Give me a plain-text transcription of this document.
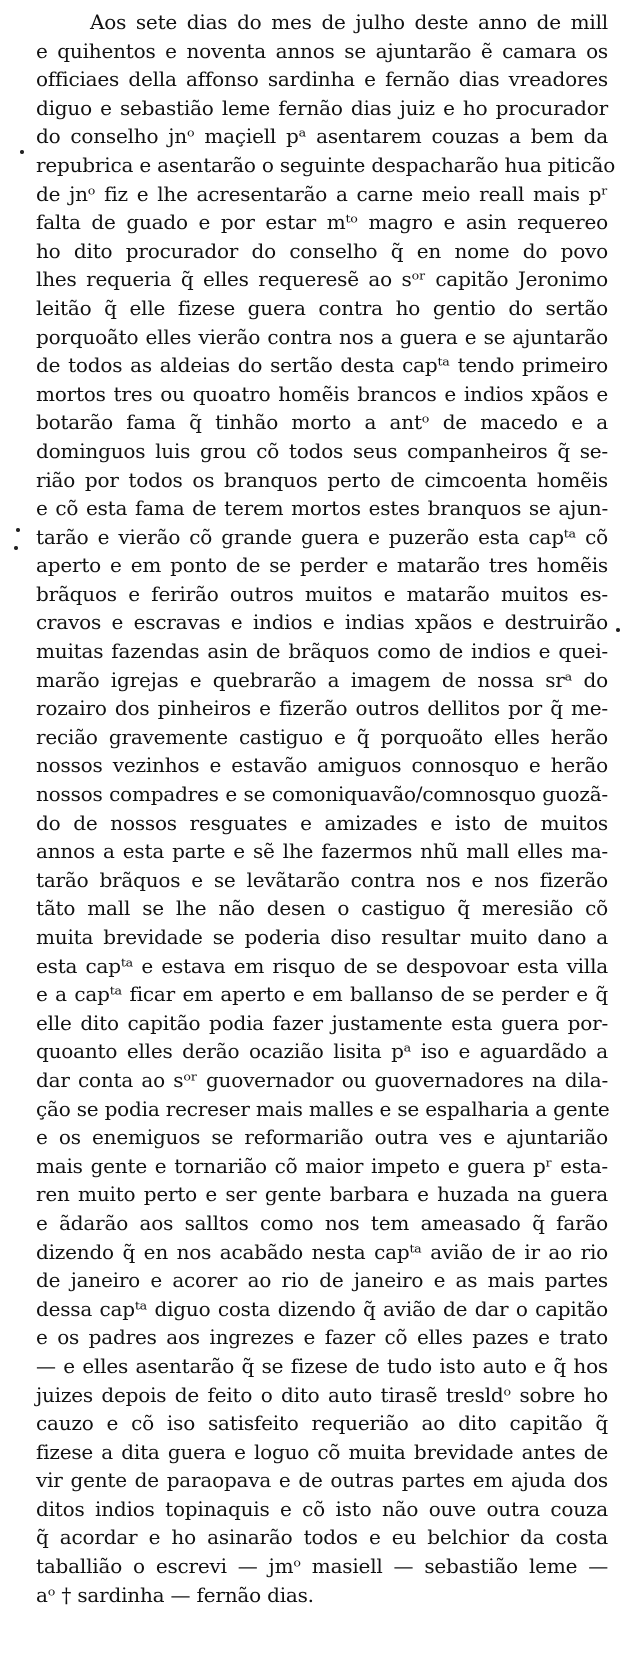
Aos sete dias do mes de julho deste anno de mill
e quihentos e noventa annos se ajuntarão ẽ camara os
officiaes della affonso sardinha e fernão dias vreadores
diguo e sebastião leme fernão dias juiz e ho procurador
do conselho jnᵒ maçiell pᵃ asentarem couzas a bem da
repubrica e asentarão o seguinte despacharão hua piticão
de jnᵒ fiz e lhe acresentarão a carne meio reall mais pʳ
falta de guado e por estar mᵗᵒ magro e asin requereo
ho dito procurador do conselho q̃ en nome do povo
lhes requeria q̃ elles requeresẽ ao sᵒʳ capitão Jeronimo
leitão q̃ elle fizese guera contra ho gentio do sertão
porquoãto elles vierão contra nos a guera e se ajuntarão
de todos as aldeias do sertão desta capᵗᵃ tendo primeiro
mortos tres ou quoatro homẽis brancos e indios xpãos e
botarão fama q̃ tinhão morto a antᵒ de macedo e a
dominguos luis grou cõ todos seus companheiros q̃ se-
rião por todos os branquos perto de cimcoenta homẽis
e cõ esta fama de terem mortos estes branquos se ajun-
tarão e vierão cõ grande guera e puzerão esta capᵗᵃ cõ
aperto e em ponto de se perder e matarão tres homẽis
brãquos e ferirão outros muitos e matarão muitos es-
cravos e escravas e indios e indias xpãos e destruirão
muitas fazendas asin de brãquos como de indios e quei-
marão igrejas e quebrarão a imagem de nossa srᵃ do
rozairo dos pinheiros e fizerão outros dellitos por q̃ me-
recião gravemente castiguo e q̃ porquoãto elles herão
nossos vezinhos e estavão amiguos connosquo e herão
nossos compadres e se comoniquavão/comnosquo guozã-
do de nossos resguates e amizades e isto de muitos
annos a esta parte e sẽ lhe fazermos nhũ mall elles ma-
tarão brãquos e se levãtarão contra nos e nos fizerão
tãto mall se lhe não desen o castiguo q̃ meresião cõ
muita brevidade se poderia diso resultar muito dano a
esta capᵗᵃ e estava em risquo de se despovoar esta villa
e a capᵗᵃ ficar em aperto e em ballanso de se perder e q̃
elle dito capitão podia fazer justamente esta guera por-
quoanto elles derão ocazião lisita pᵃ iso e aguardãdo a
dar conta ao sᵒʳ guovernador ou guovernadores na dila-
ção se podia recreser mais malles e se espalharia a gente
e os enemiguos se reformarião outra ves e ajuntarião
mais gente e tornarião cõ maior impeto e guera pʳ esta-
ren muito perto e ser gente barbara e huzada na guera
e ãdarão aos salltos como nos tem ameasado q̃ farão
dizendo q̃ en nos acabãdo nesta capᵗᵃ avião de ir ao rio
de janeiro e acorer ao rio de janeiro e as mais partes
dessa capᵗᵃ diguo costa dizendo q̃ avião de dar o capitão
e os padres aos ingrezes e fazer cõ elles pazes e trato
— e elles asentarão q̃ se fizese de tudo isto auto e q̃ hos
juizes depois de feito o dito auto tirasẽ tresldᵒ sobre ho
cauzo e cõ iso satisfeito requerião ao dito capitão q̃
fizese a dita guera e loguo cõ muita brevidade antes de
vir gente de paraopava e de outras partes em ajuda dos
ditos indios topinaquis e cõ isto não ouve outra couza
q̃ acordar e ho asinarão todos e eu belchior da costa
taballião o escrevi — jmᵒ masiell — sebastião leme —
aᵒ † sardinha — fernão dias.
